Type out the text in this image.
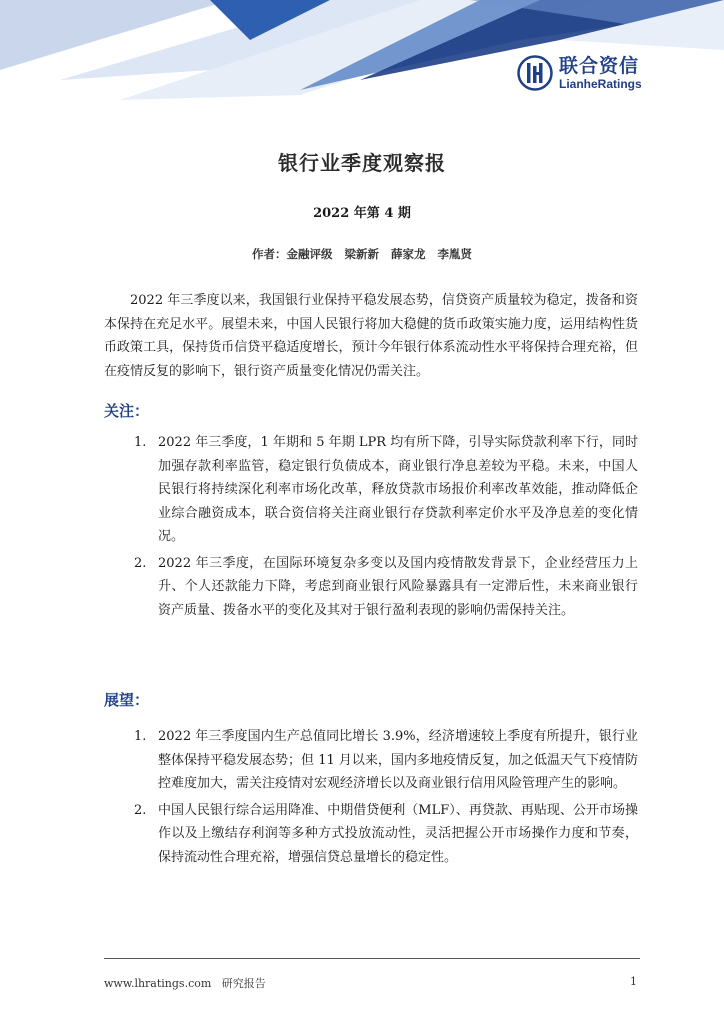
联合资信
LianheRatings
银行业季度观察报
2022 年第 4 期
作者：金融评级 梁新新 薛家龙 李胤贤
2022 年三季度以来，我国银行业保持平稳发展态势，信贷资产质量较为稳定，拨备和资本保持在充足水平。展望未来，中国人民银行将加大稳健的货币政策实施力度，运用结构性货币政策工具，保持货币信贷平稳适度增长，预计今年银行体系流动性水平将保持合理充裕，但在疫情反复的影响下，银行资产质量变化情况仍需关注。
关注：
1. 2022 年三季度，1 年期和 5 年期 LPR 均有所下降，引导实际贷款利率下行，同时加强存款利率监管，稳定银行负债成本，商业银行净息差较为平稳。未来，中国人民银行将持续深化利率市场化改革，释放贷款市场报价利率改革效能，推动降低企业综合融资成本，联合资信将关注商业银行存贷款利率定价水平及净息差的变化情况。
2. 2022 年三季度，在国际环境复杂多变以及国内疫情散发背景下，企业经营压力上升、个人还款能力下降，考虑到商业银行风险暴露具有一定滞后性，未来商业银行资产质量、拨备水平的变化及其对于银行盈利表现的影响仍需保持关注。
展望：
1. 2022 年三季度国内生产总值同比增长 3.9%，经济增速较上季度有所提升，银行业整体保持平稳发展态势；但 11 月以来，国内多地疫情反复，加之低温天气下疫情防控难度加大，需关注疫情对宏观经济增长以及商业银行信用风险管理产生的影响。
2. 中国人民银行综合运用降准、中期借贷便利（MLF）、再贷款、再贴现、公开市场操作以及上缴结存利润等多种方式投放流动性，灵活把握公开市场操作力度和节奏，保持流动性合理充裕，增强信贷总量增长的稳定性。
www.lhratings.com 研究报告	1
